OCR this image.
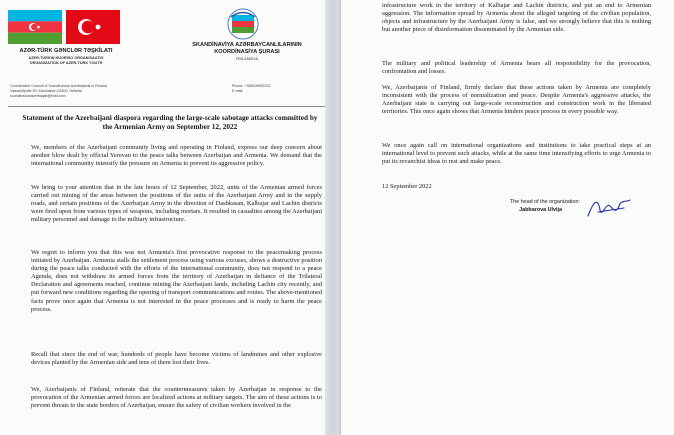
AZƏR-TÜRK GƏNCLƏR TƏŞKİLATI
AZER-TURKIN NUORISO ORGANISAATIO
ORGANIZATION OF AZER-TURK YOUTH
SKANDİNAVİYA AZƏRBAYCANLILARININ
KOORDİNASİYA ŞURASI
FİNLANDİYA
Coordination Council of Scandinavian Azerbaijanis in Finland
Vaaraniityntie 30, Kauniainen 02400, Helsinki
scandinavianazerbaijan@mail.com
Phone: +358409992332
E-mail:
Statement of the Azerbaijani diaspora regarding the large-scale sabotage attacks committed by the Armenian Army on September 12, 2022
We, members of the Azerbaijani community living and operating in Finland, express our deep concern about another blow dealt by official Yerevan to the peace talks between Azerbaijan and Armenia. We demand that the international community intensify the pressure on Armenia to prevent its aggressive policy.
We bring to your attention that in the late hours of 12 September, 2022, units of the Armenian armed forces carried out mining of the areas between the positions of the units of the Azerbaijani Army and in the supply roads, and certain positions of the Azerbaijan Army in the direction of Dashkasan, Kalbajar and Lachin districts were fired upon from various types of weapons, including mortars. It resulted in casualties among the Azerbaijani military personnel and damage to the military infrastructure.
We regret to inform you that this was not Armenia's first provocative response to the peacemaking process initiated by Azerbaijan. Armenia stalls the settlement process using various excuses, shows a destructive position during the peace talks conducted with the efforts of the international community, does not respond to a peace Agenda, does not withdraw its armed forces from the territory of Azerbaijan in defiance of the Trilateral Declaration and agreements reached, continue mining the Azerbaijani lands, including Lachin city recently, and put forward new conditions regarding the opening of transport communications and routes. The above-mentioned facts prove once again that Armenia is not interested in the peace processes and is ready to harm the peace process.
Recall that since the end of war, hundreds of people have become victims of landmines and other explosive devices planted by the Armenian side and tens of them lost their lives.
We, Azerbaijanis of Finland, reiterate that the countermeasures taken by Azerbaijan in response to the provocation of the Armenian armed forces are localized actions at military targets. The aim of these actions is to prevent threats to the state borders of Azerbaijan, ensure the safety of civilian workers involved in the
infrastructure work in the territory of Kalbajar and Lachin districts, and put an end to Armenian aggression. The information spread by Armenia about the alleged targeting of the civilian population, objects and infrastructure by the Azerbaijani Army is false, and we strongly believe that this is nothing but another piece of disinformation disseminated by the Armenian side.
The military and political leadership of Armenia bears all responsibility for the provocation, confrontation and losses.
We, Azerbaijanis of Finland, firmly declare that these actions taken by Armenia are completely inconsistent with the process of normalization and peace. Despite Armenia's aggressive attacks, the Azerbaijani state is carrying out large-scale reconstruction and construction work in the liberated territories. This once again shows that Armenia hinders peace process in every possible way.
We once again call on international organizations and institutions to take practical steps at an international level to prevent such attacks, while at the same time intensifying efforts to urge Armenia to put its revanchist ideas to rest and make peace.
12 September 2022
The head of the organization:
Jabbarova Ulvija
